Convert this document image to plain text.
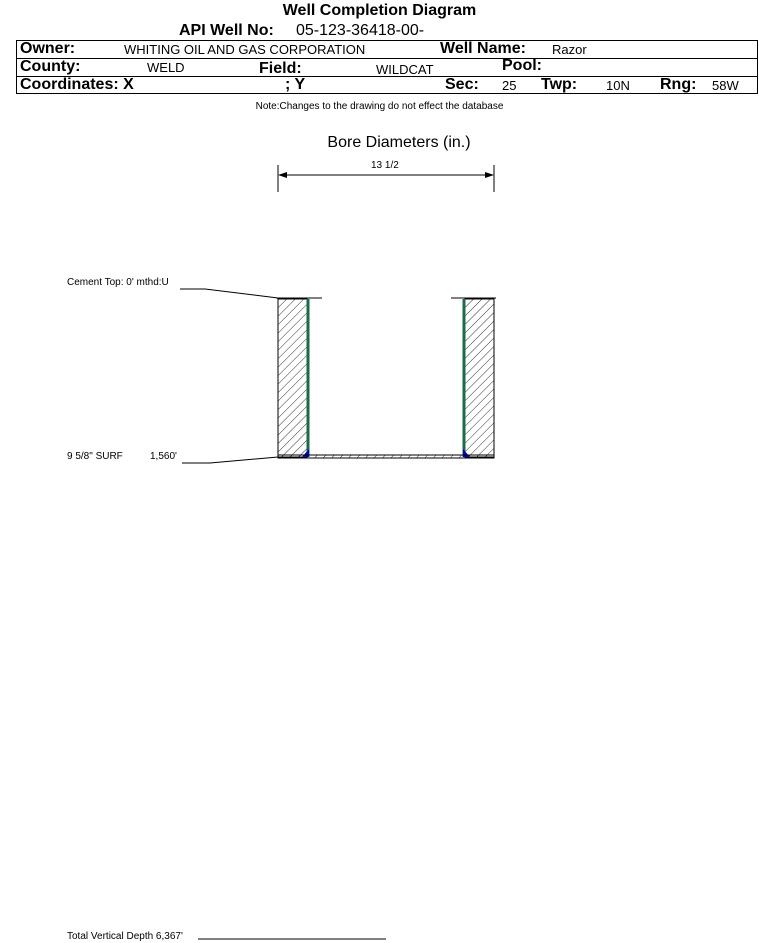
Well Completion Diagram
API Well No: 05-123-36418-00-
Owner:	WHITING OIL AND GAS CORPORATION	Well Name: Razor
County:	WELD	Field:	WILDCAT	Pool:
Coordinates: X	; Y	Sec: 25 Twp: 10N Rng: 58W
Note:Changes to the drawing do not effect the database
Bore Diameters (in.)
13 1/2
Cement Top: 0' mthd:U
9 5/8" SURF	1,560'
Total Vertical Depth 6,367'
